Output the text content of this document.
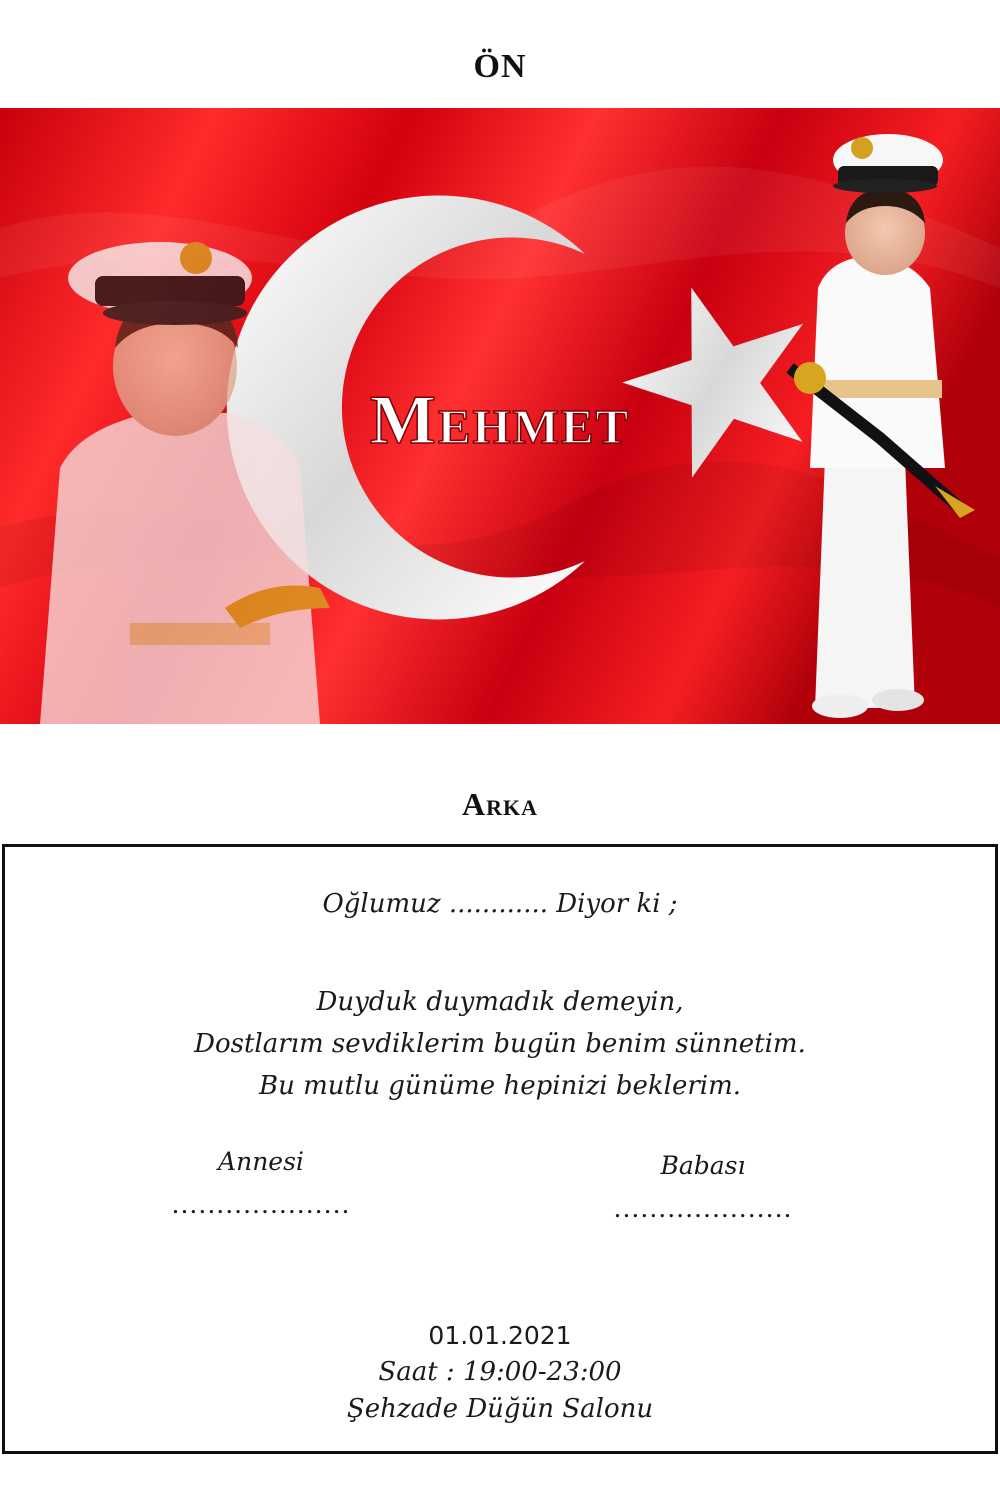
ÖN
Mehmet
Arka
Oğlumuz ............ Diyor ki ;
Duyduk duymadık demeyin,
Dostlarım sevdiklerim bugün benim sünnetim.
Bu mutlu günüme hepinizi beklerim.
Annesi
....................
Babası
....................
01.01.2021
Saat : 19:00-23:00
Şehzade Düğün Salonu
